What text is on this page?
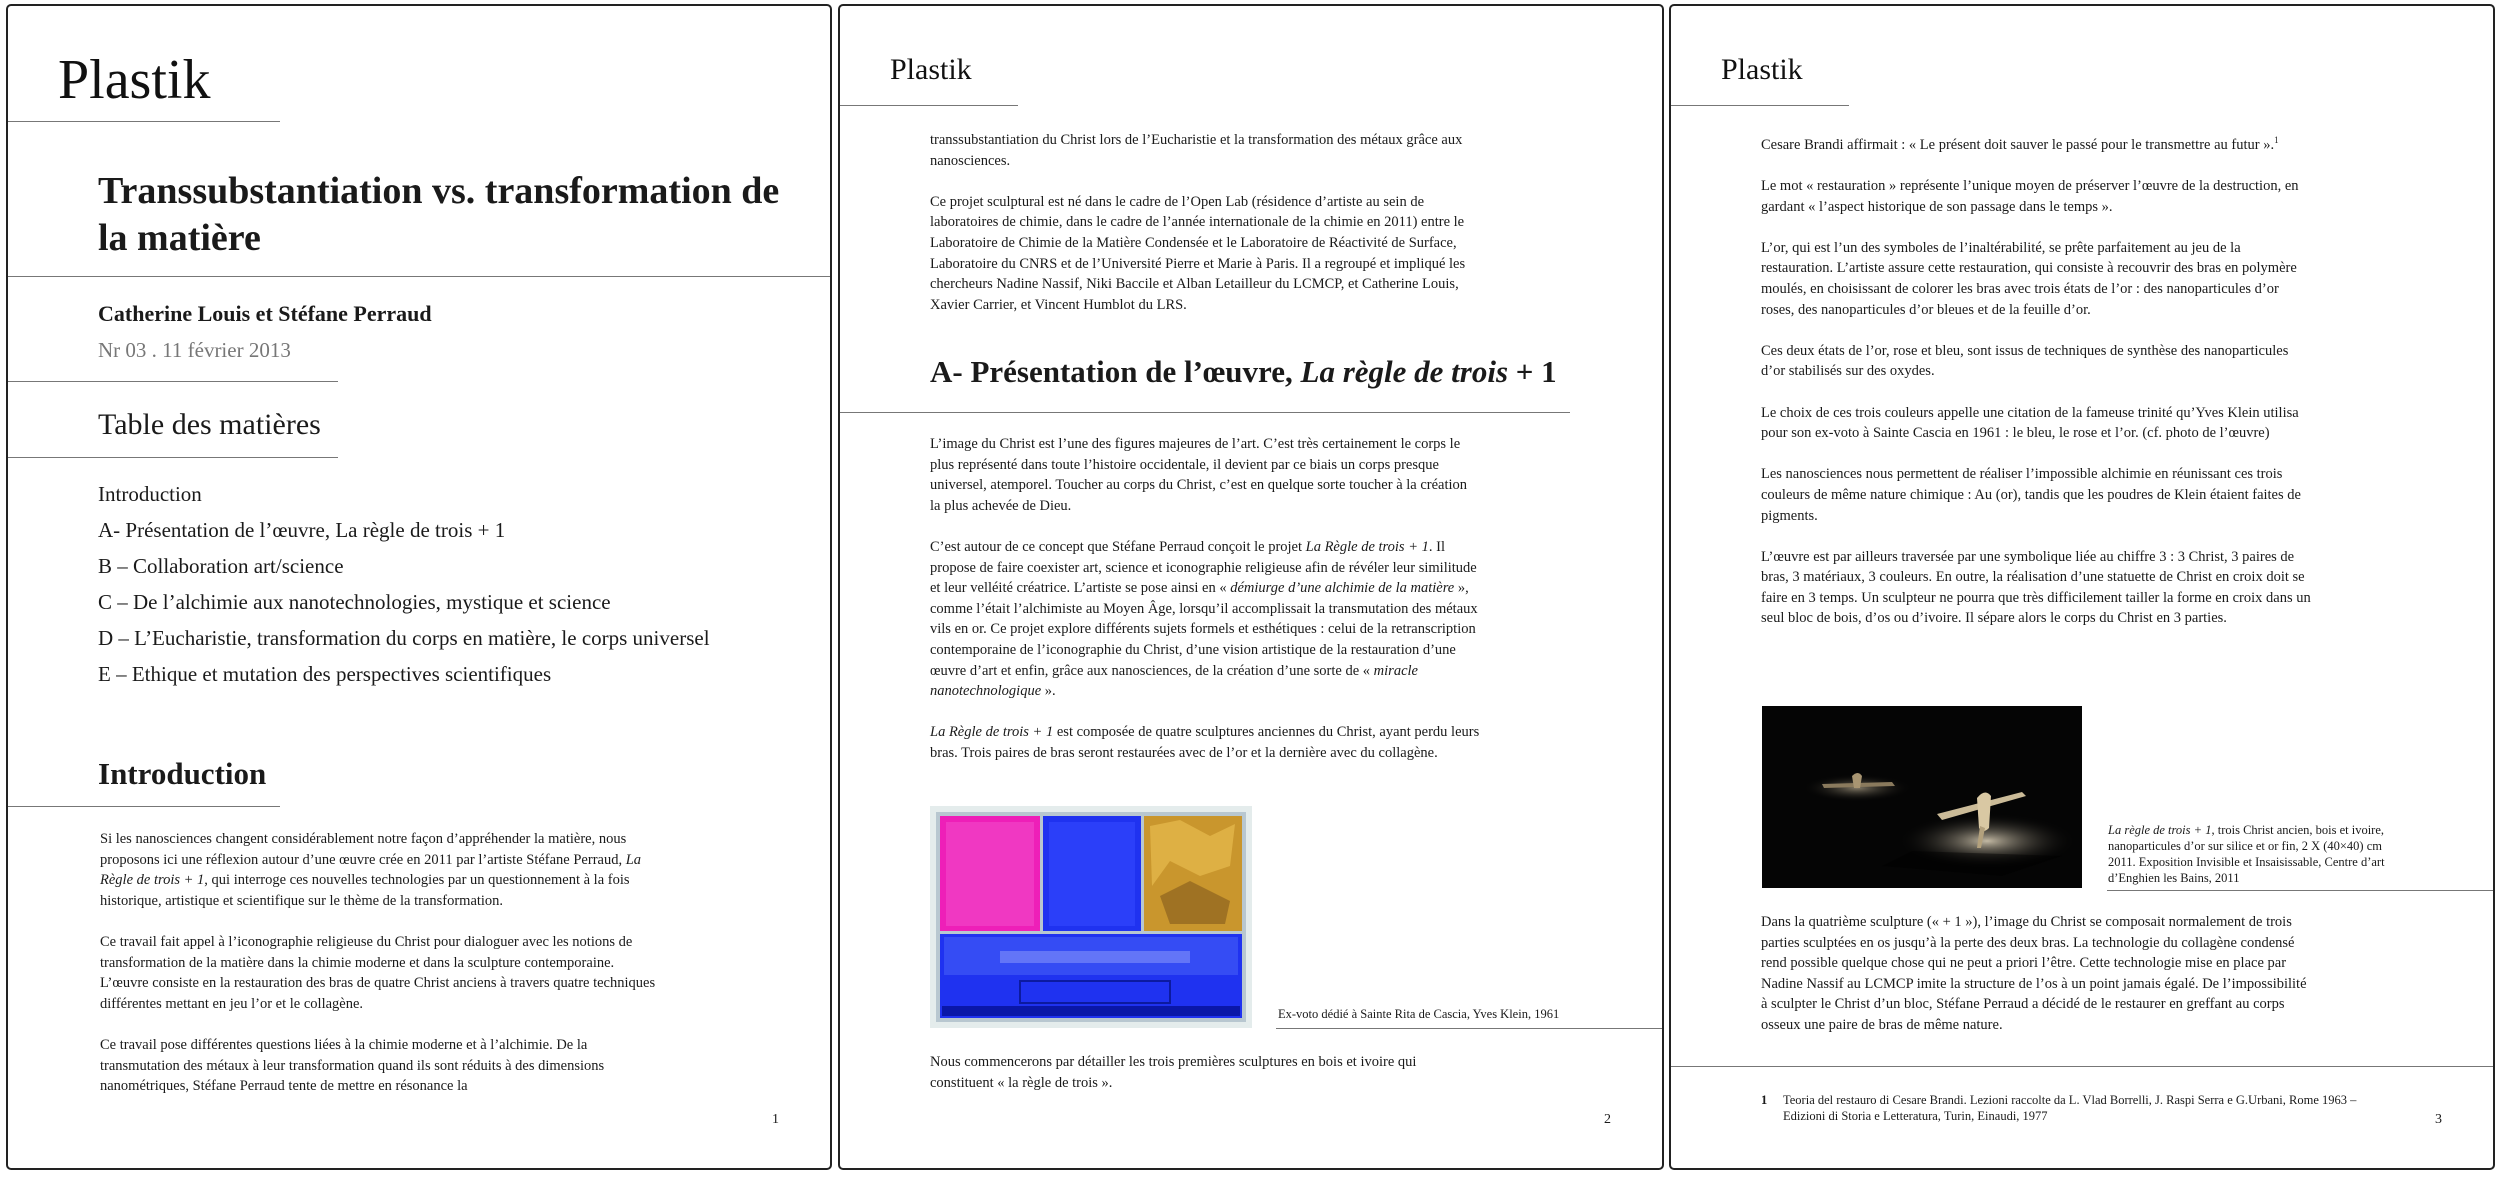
Plastik
Transsubstantiation vs. transformation de la matière
Catherine Louis et Stéfane Perraud
Nr 03 . 11 février 2013
Table des matières
Introduction
A- Présentation de l’œuvre, La règle de trois + 1
B – Collaboration art/science
C – De l’alchimie aux nanotechnologies, mystique et science
D – L’Eucharistie, transformation du corps en matière, le corps universel
E – Ethique et mutation des perspectives scientifiques
Introduction

Si les nanosciences changent considérablement notre façon d’appréhender la matière, nous proposons ici une réflexion autour d’une œuvre crée en 2011 par l’artiste Stéfane Perraud, La Règle de trois + 1, qui interroge ces nouvelles technologies par un questionnement à la fois historique, artistique et scientifique sur le thème de la transformation.

Ce travail fait appel à l’iconographie religieuse du Christ pour dialoguer avec les notions de transformation de la matière dans la chimie moderne et dans la sculpture contemporaine. L’œuvre consiste en la restauration des bras de quatre Christ anciens à travers quatre techniques différentes mettant en jeu l’or et le collagène.

Ce travail pose différentes questions liées à la chimie moderne et à l’alchimie. De la transmutation des métaux à leur transformation quand ils sont réduits à des dimensions nanométriques, Stéfane Perraud tente de mettre en résonance la

1
Plastik

transsubstantiation du Christ lors de l’Eucharistie et la transformation des métaux grâce aux nanosciences.

Ce projet sculptural est né dans le cadre de l’Open Lab (résidence d’artiste au sein de laboratoires de chimie, dans le cadre de l’année internationale de la chimie en 2011) entre le Laboratoire de Chimie de la Matière Condensée et le Laboratoire de Réactivité de Surface, Laboratoire du CNRS et de l’Université Pierre et Marie à Paris. Il a regroupé et impliqué les chercheurs Nadine Nassif, Niki Baccile et Alban Letailleur du LCMCP, et Catherine Louis, Xavier Carrier, et Vincent Humblot du LRS.

A- Présentation de l’œuvre, La règle de trois + 1

L’image du Christ est l’une des figures majeures de l’art. C’est très certainement le corps le plus représenté dans toute l’histoire occidentale, il devient par ce biais un corps presque universel, atemporel. Toucher au corps du Christ, c’est en quelque sorte toucher à la création la plus achevée de Dieu.

C’est autour de ce concept que Stéfane Perraud conçoit le projet La Règle de trois + 1. Il propose de faire coexister art, science et iconographie religieuse afin de révéler leur similitude et leur velléité créatrice. L’artiste se pose ainsi en « démiurge d’une alchimie de la matière », comme l’était l’alchimiste au Moyen Âge, lorsqu’il accomplissait la transmutation des métaux vils en or. Ce projet explore différents sujets formels et esthétiques : celui de la retranscription contemporaine de l’iconographie du Christ, d’une vision artistique de la restauration d’une œuvre d’art et enfin, grâce aux nanosciences, de la création d’une sorte de « miracle nanotechnologique ».

La Règle de trois + 1 est composée de quatre sculptures anciennes du Christ, ayant perdu leurs bras. Trois paires de bras seront restaurées avec de l’or et la dernière avec du collagène.

Ex-voto dédié à Sainte Rita de Cascia, Yves Klein, 1961

Nous commencerons par détailler les trois premières sculptures en bois et ivoire qui constituent « la règle de trois ».

2
Plastik

Cesare Brandi affirmait : « Le présent doit sauver le passé pour le transmettre au futur ».$^1$

Le mot « restauration » représente l’unique moyen de préserver l’œuvre de la destruction, en gardant « l’aspect historique de son passage dans le temps ».

L’or, qui est l’un des symboles de l’inaltérabilité, se prête parfaitement au jeu de la restauration. L’artiste assure cette restauration, qui consiste à recouvrir des bras en polymère moulés, en choisissant de colorer les bras avec trois états de l’or : des nanoparticules d’or roses, des nanoparticules d’or bleues et de la feuille d’or.

Ces deux états de l’or, rose et bleu, sont issus de techniques de synthèse des nanoparticules d’or stabilisés sur des oxydes.

Le choix de ces trois couleurs appelle une citation de la fameuse trinité qu’Yves Klein utilisa pour son ex-voto à Sainte Cascia en 1961 : le bleu, le rose et l’or. (cf. photo de l’œuvre)

Les nanosciences nous permettent de réaliser l’impossible alchimie en réunissant ces trois couleurs de même nature chimique : Au (or), tandis que les poudres de Klein étaient faites de pigments.

L’œuvre est par ailleurs traversée par une symbolique liée au chiffre 3 : 3 Christ, 3 paires de bras, 3 matériaux, 3 couleurs. En outre, la réalisation d’une statuette de Christ en croix doit se faire en 3 temps. Un sculpteur ne pourra que très difficilement tailler la forme en croix dans un seul bloc de bois, d’os ou d’ivoire. Il sépare alors le corps du Christ en 3 parties.

La règle de trois + 1, trois Christ ancien, bois et ivoire, nanoparticules d’or sur silice et or fin, 2 X (40×40) cm 2011. Exposition Invisible et Insaisissable, Centre d’art d’Enghien les Bains, 2011

Dans la quatrième sculpture (« + 1 »), l’image du Christ se composait normalement de trois parties sculptées en os jusqu’à la perte des deux bras. La technologie du collagène condensé rend possible quelque chose qui ne peut a priori l’être. Cette technologie mise en place par Nadine Nassif au LCMCP imite la structure de l’os à un point jamais égalé. De l’impossibilité à sculpter le Christ d’un bloc, Stéfane Perraud a décidé de le restaurer en greffant au corps osseux une paire de bras de même nature.

1 Teoria del restauro di Cesare Brandi. Lezioni raccolte da L. Vlad Borrelli, J. Raspi Serra e G.Urbani, Rome 1963 – Edizioni di Storia e Letteratura, Turin, Einaudi, 1977	3
